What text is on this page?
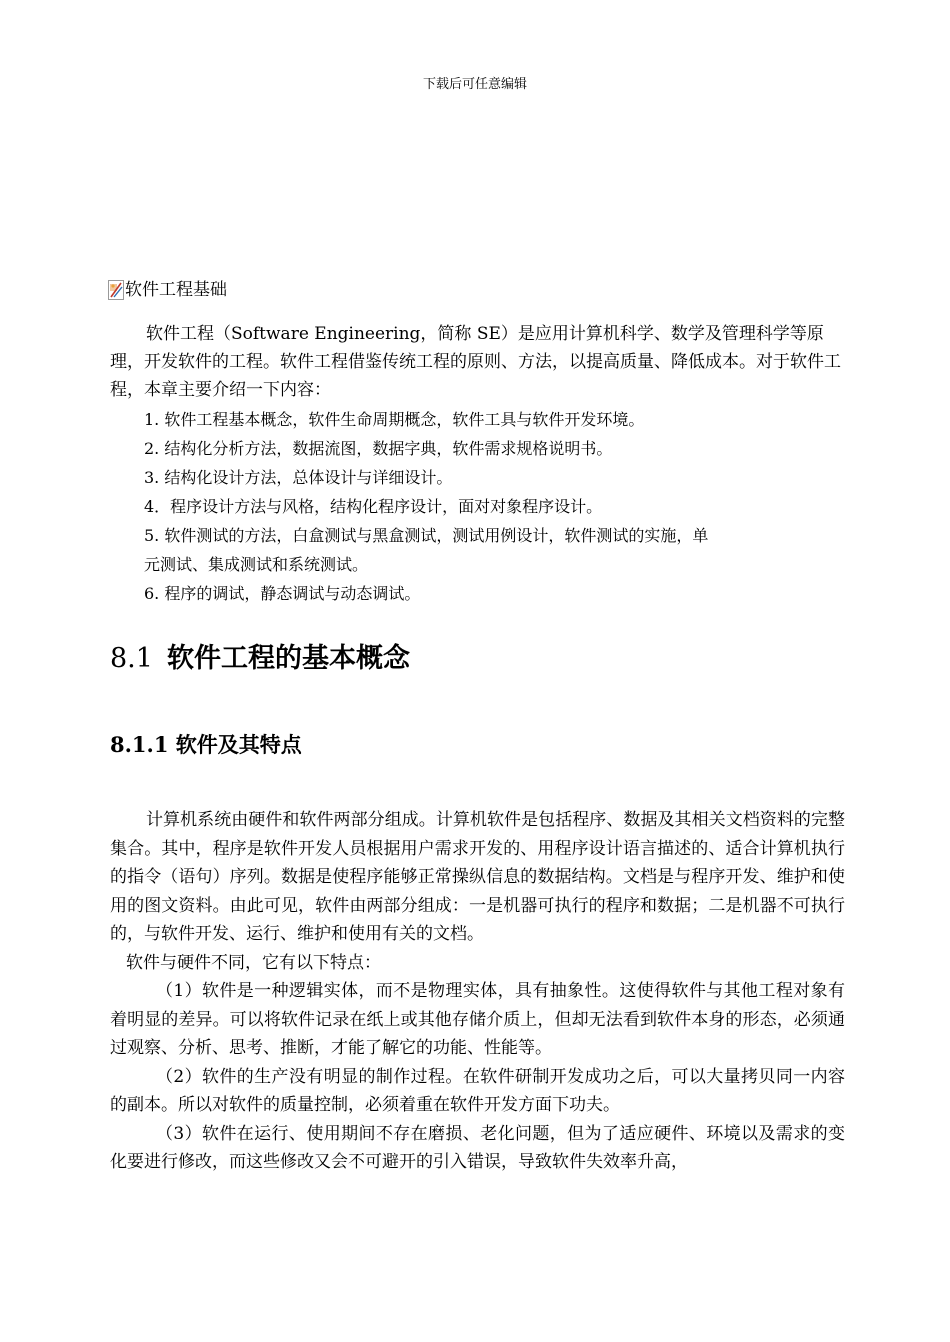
下载后可任意编辑
软件工程基础

软件工程（Software Engineering，简称 SE）是应用计算机科学、数学及管理科学等原理，开发软件的工程。软件工程借鉴传统工程的原则、方法，以提高质量、降低成本。对于软件工程，本章主要介绍一下内容：

1. 软件工程基本概念，软件生命周期概念，软件工具与软件开发环境。
2. 结构化分析方法，数据流图，数据字典，软件需求规格说明书。
3. 结构化设计方法，总体设计与详细设计。
4．程序设计方法与风格，结构化程序设计，面对对象程序设计。
5. 软件测试的方法，白盒测试与黑盒测试，测试用例设计，软件测试的实施，单
元测试、集成测试和系统测试。
6. 程序的调试，静态调试与动态调试。
8.1 软件工程的基本概念
8.1.1 软件及其特点

计算机系统由硬件和软件两部分组成。计算机软件是包括程序、数据及其相关文档资料的完整集合。其中，程序是软件开发人员根据用户需求开发的、用程序设计语言描述的、适合计算机执行的指令（语句）序列。数据是使程序能够正常操纵信息的数据结构。文档是与程序开发、维护和使用的图文资料。由此可见，软件由两部分组成：一是机器可执行的程序和数据；二是机器不可执行的，与软件开发、运行、维护和使用有关的文档。

软件与硬件不同，它有以下特点：

（1）软件是一种逻辑实体，而不是物理实体，具有抽象性。这使得软件与其他工程对象有着明显的差异。可以将软件记录在纸上或其他存储介质上，但却无法看到软件本身的形态，必须通过观察、分析、思考、推断，才能了解它的功能、性能等。

（2）软件的生产没有明显的制作过程。在软件研制开发成功之后，可以大量拷贝同一内容的副本。所以对软件的质量控制，必须着重在软件开发方面下功夫。

（3）软件在运行、使用期间不存在磨损、老化问题，但为了适应硬件、环境以及需求的变化要进行修改，而这些修改又会不可避开的引入错误，导致软件失效率升高，
